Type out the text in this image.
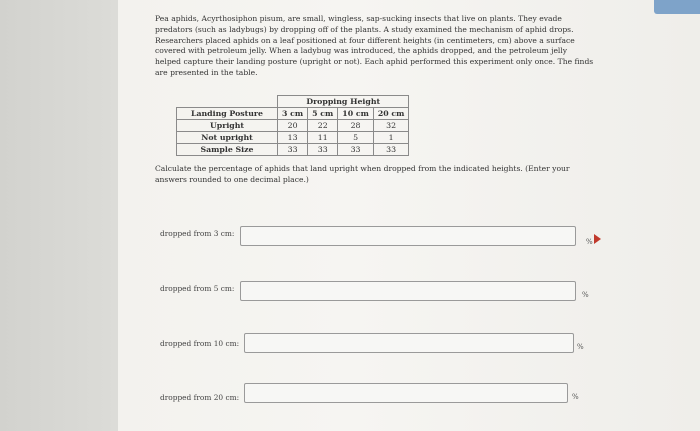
Pea aphids, Acyrthosiphon pisum, are small, wingless, sap-sucking insects that live on plants. They evade predators (such as ladybugs) by dropping off of the plants. A study examined the mechanism of aphid drops. Researchers placed aphids on a leaf positioned at four different heights (in centimeters, cm) above a surface covered with petroleum jelly. When a ladybug was introduced, the aphids dropped, and the petroleum jelly helped capture their landing posture (upright or not). Each aphid performed this experiment only once. The finds are presented in the table.
	Dropping Height			
Landing Posture	3 cm	5 cm	10 cm	20 cm
Upright	20	22	28	32
Not upright	13	11	5	1
Sample Size	33	33	33	33
Calculate the percentage of aphids that land upright when dropped from the indicated heights. (Enter your answers rounded to one decimal place.)
dropped from 3 cm:
%
dropped from 5 cm:
%
dropped from 10 cm:	%
dropped from 20 cm:	%
